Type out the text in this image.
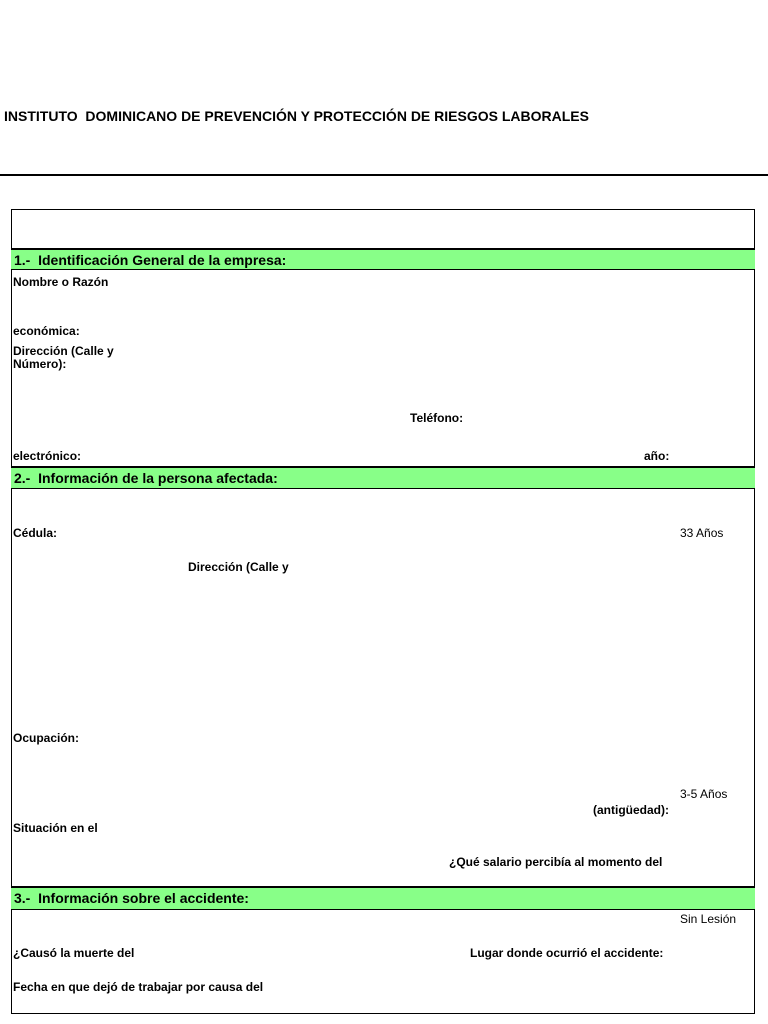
INSTITUTO  DOMINICANO DE PREVENCIÓN Y PROTECCIÓN DE RIESGOS LABORALES
1.-  Identificación General de la empresa:
Nombre o Razón
económica:
Dirección (Calle y
Número):
Teléfono:
electrónico:	año:
2.-  Información de la persona afectada:
Cédula:	33 Años
Dirección (Calle y
Ocupación:
3-5 Años
(antigüedad):
Situación en el
¿Qué salario percibía al momento del
3.-  Información sobre el accidente:
Sin Lesión
¿Causó la muerte del	Lugar donde ocurrió el accidente:
Fecha en que dejó de trabajar por causa del
